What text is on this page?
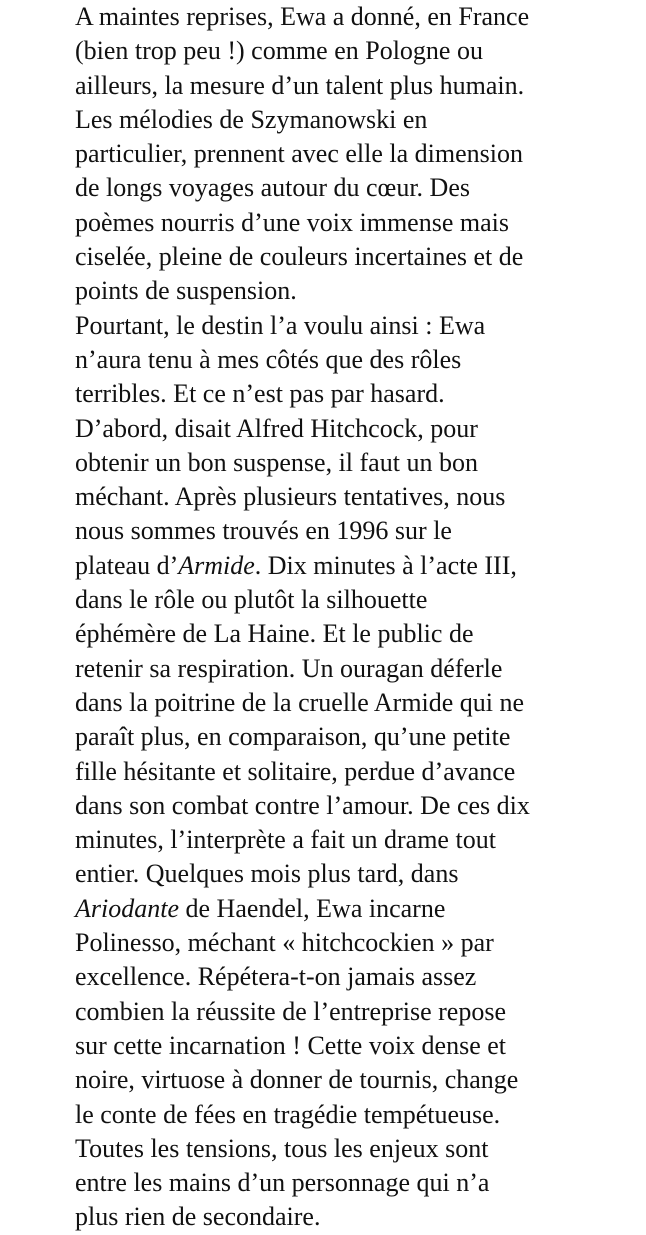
A maintes reprises, Ewa a donné, en France
(bien trop peu !) comme en Pologne ou
ailleurs, la mesure d’un talent plus humain.
Les mélodies de Szymanowski en
particulier, prennent avec elle la dimension
de longs voyages autour du cœur. Des
poèmes nourris d’une voix immense mais
ciselée, pleine de couleurs incertaines et de
points de suspension.
Pourtant, le destin l’a voulu ainsi : Ewa
n’aura tenu à mes côtés que des rôles
terribles. Et ce n’est pas par hasard.
D’abord, disait Alfred Hitchcock, pour
obtenir un bon suspense, il faut un bon
méchant. Après plusieurs tentatives, nous
nous sommes trouvés en 1996 sur le
plateau d’Armide. Dix minutes à l’acte III,
dans le rôle ou plutôt la silhouette
éphémère de La Haine. Et le public de
retenir sa respiration. Un ouragan déferle
dans la poitrine de la cruelle Armide qui ne
paraît plus, en comparaison, qu’une petite
fille hésitante et solitaire, perdue d’avance
dans son combat contre l’amour. De ces dix
minutes, l’interprète a fait un drame tout
entier. Quelques mois plus tard, dans
Ariodante de Haendel, Ewa incarne
Polinesso, méchant « hitchcockien » par
excellence. Répétera-t-on jamais assez
combien la réussite de l’entreprise repose
sur cette incarnation ! Cette voix dense et
noire, virtuose à donner de tournis, change
le conte de fées en tragédie tempétueuse.
Toutes les tensions, tous les enjeux sont
entre les mains d’un personnage qui n’a
plus rien de secondaire.
